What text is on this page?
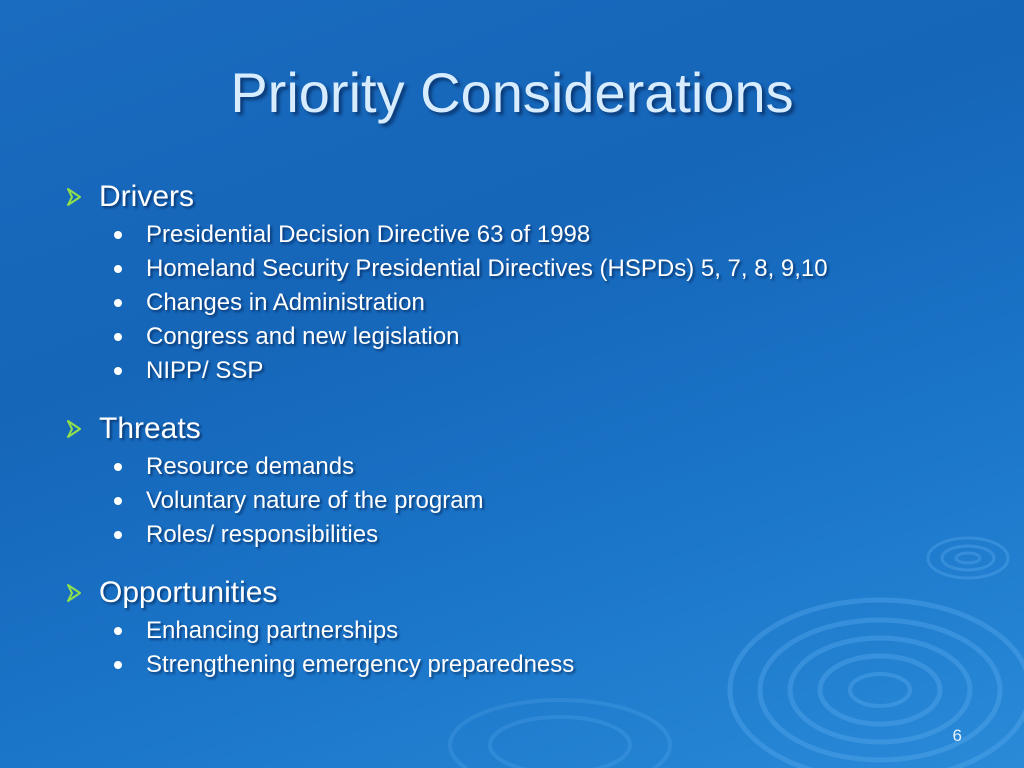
Priority Considerations
Drivers
Presidential Decision Directive 63 of 1998
Homeland Security Presidential Directives (HSPDs) 5, 7, 8, 9,10
Changes in Administration
Congress and new legislation
NIPP/ SSP
Threats
Resource demands
Voluntary nature of the program
Roles/ responsibilities
Opportunities
Enhancing partnerships
Strengthening emergency preparedness
6
